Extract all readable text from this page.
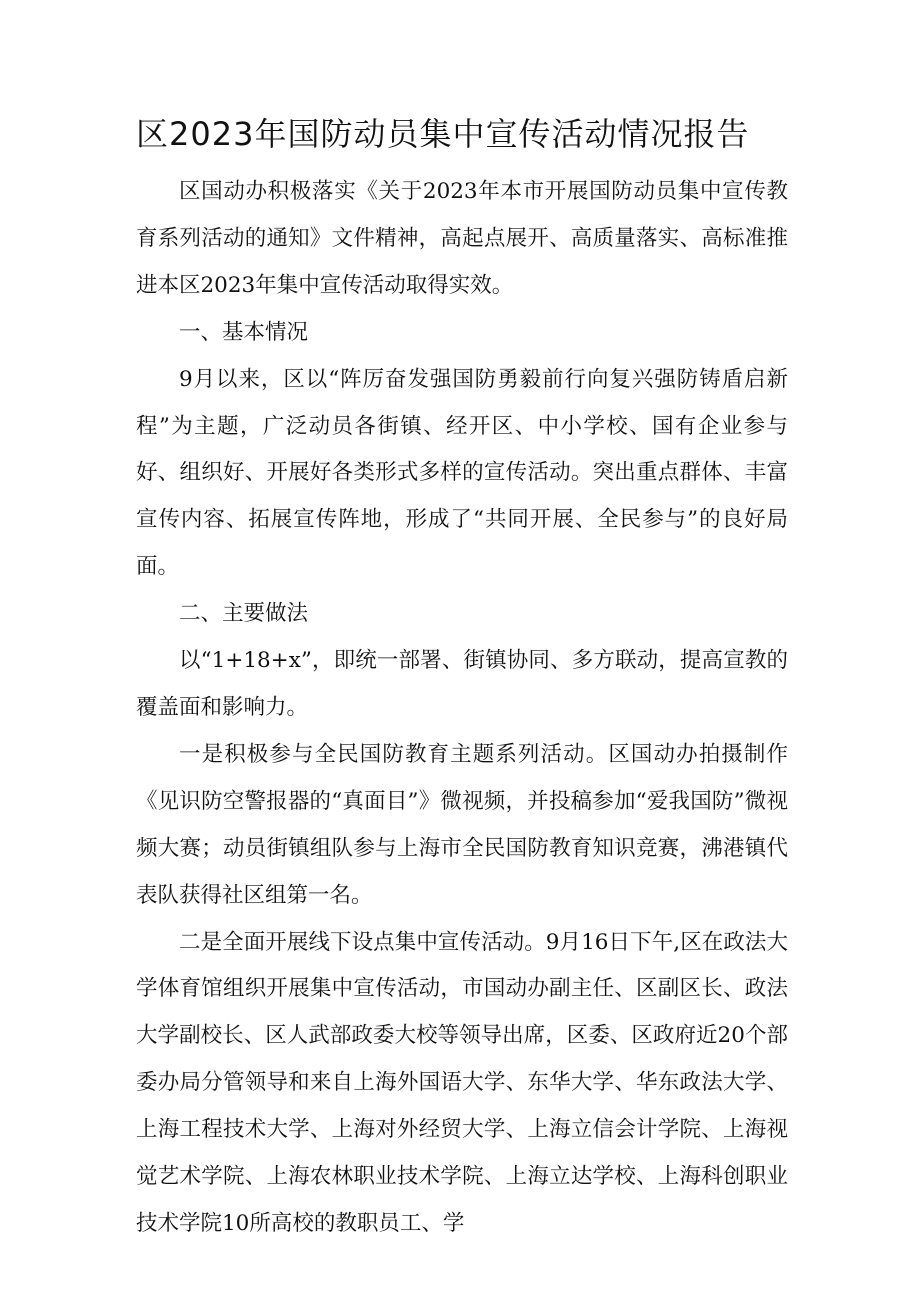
区2023年国防动员集中宣传活动情况报告

区国动办积极落实《关于2023年本市开展国防动员集中宣传教育系列活动的通知》文件精神，高起点展开、高质量落实、高标准推进本区2023年集中宣传活动取得实效。

一、基本情况

9月以来，区以“阵厉奋发强国防勇毅前行向复兴强防铸盾启新程”为主题，广泛动员各街镇、经开区、中小学校、国有企业参与好、组织好、开展好各类形式多样的宣传活动。突出重点群体、丰富宣传内容、拓展宣传阵地，形成了“共同开展、全民参与”的良好局面。

二、主要做法

以“1+18+x”，即统一部署、街镇协同、多方联动，提高宣教的覆盖面和影响力。

一是积极参与全民国防教育主题系列活动。区国动办拍摄制作《见识防空警报器的“真面目”》微视频，并投稿参加“爱我国防”微视频大赛；动员街镇组队参与上海市全民国防教育知识竞赛，沸港镇代表队获得社区组第一名。

二是全面开展线下设点集中宣传活动。9月16日下午,区在政法大学体育馆组织开展集中宣传活动，市国动办副主任、区副区长、政法大学副校长、区人武部政委大校等领导出席，区委、区政府近20个部委办局分管领导和来自上海外国语大学、东华大学、华东政法大学、上海工程技术大学、上海对外经贸大学、上海立信会计学院、上海视觉艺术学院、上海农林职业技术学院、上海立达学校、上海科创职业技术学院10所高校的教职员工、学
